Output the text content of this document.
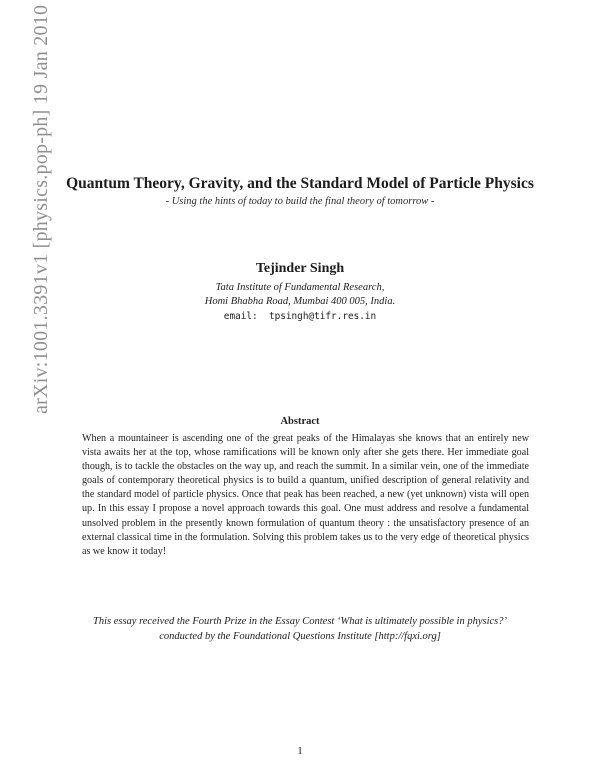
arXiv:1001.3391v1 [physics.pop-ph] 19 Jan 2010 Quantum Theory, Gravity, and the Standard Model of Particle Physics
- Using the hints of today to build the final theory of tomorrow -
Tejinder Singh
Tata Institute of Fundamental Research,
Homi Bhabha Road, Mumbai 400 005, India.
email:  tpsingh@tifr.res.in
Abstract
When a mountaineer is ascending one of the great peaks of the Himalayas she knows that an entirely new vista awaits her at the top, whose ramifications will be known only after she gets there. Her immediate goal though, is to tackle the obstacles on the way up, and reach the summit. In a similar vein, one of the immediate goals of contemporary theoretical physics is to build a quantum, unified description of general relativity and the standard model of particle physics. Once that peak has been reached, a new (yet unknown) vista will open up. In this essay I propose a novel approach towards this goal. One must address and resolve a fundamental unsolved problem in the presently known formulation of quantum theory : the unsatisfactory presence of an external classical time in the formulation. Solving this problem takes us to the very edge of theoretical physics as we know it today!
This essay received the Fourth Prize in the Essay Contest ‘What is ultimately possible in physics?’
conducted by the Foundational Questions Institute [http://fqxi.org]
1
